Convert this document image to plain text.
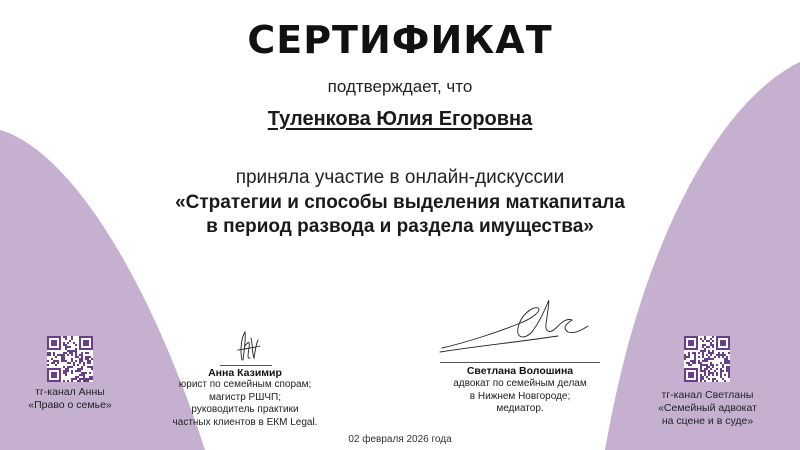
СЕРТИФИКАТ
подтверждает, что
Туленкова Юлия Егоровна
приняла участие в онлайн-дискуссии
«Стратегии и способы выделения маткапитала
в период развода и раздела имущества»
тг-канал Анны
«Право о семье»
тг-канал Светланы
«Семейный адвокат
на сцене и в суде»
Анна Казимир
юрист по семейным спорам;
магистр РШЧП;
руководитель практики
частных клиентов в ЕКМ Legal.
Светлана Волошина
адвокат по семейным делам
в Нижнем Новгороде;
медиатор.
02 февраля 2026 года
